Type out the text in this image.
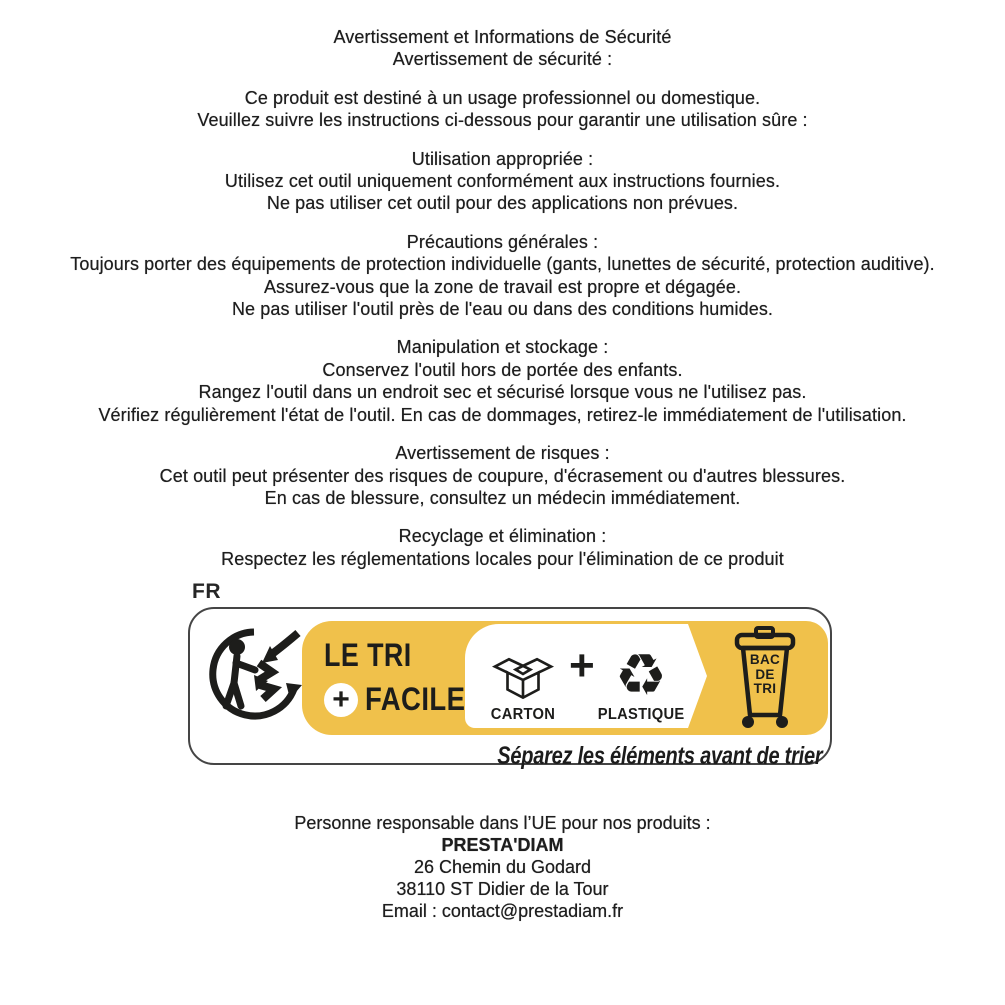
Avertissement et Informations de Sécurité
Avertissement de sécurité :

Ce produit est destiné à un usage professionnel ou domestique.
Veuillez suivre les instructions ci-dessous pour garantir une utilisation sûre :

Utilisation appropriée :
Utilisez cet outil uniquement conformément aux instructions fournies.
Ne pas utiliser cet outil pour des applications non prévues.

Précautions générales :
Toujours porter des équipements de protection individuelle (gants, lunettes de sécurité, protection auditive).
Assurez-vous que la zone de travail est propre et dégagée.
Ne pas utiliser l'outil près de l'eau ou dans des conditions humides.

Manipulation et stockage :
Conservez l'outil hors de portée des enfants.
Rangez l'outil dans un endroit sec et sécurisé lorsque vous ne l'utilisez pas.
Vérifiez régulièrement l'état de l'outil. En cas de dommages, retirez-le immédiatement de l'utilisation.

Avertissement de risques :
Cet outil peut présenter des risques de coupure, d'écrasement ou d'autres blessures.
En cas de blessure, consultez un médecin immédiatement.

Recyclage et élimination :
Respectez les réglementations locales pour l'élimination de ce produit

FR
LE TRI
+ FACILE CARTON
+ ♻
PLASTIQUE
BAC
DE
TRI
Séparez les éléments avant de trier
Personne responsable dans l’UE pour nos produits :
PRESTA'DIAM
26 Chemin du Godard
38110 ST Didier de la Tour
Email : contact@prestadiam.fr
